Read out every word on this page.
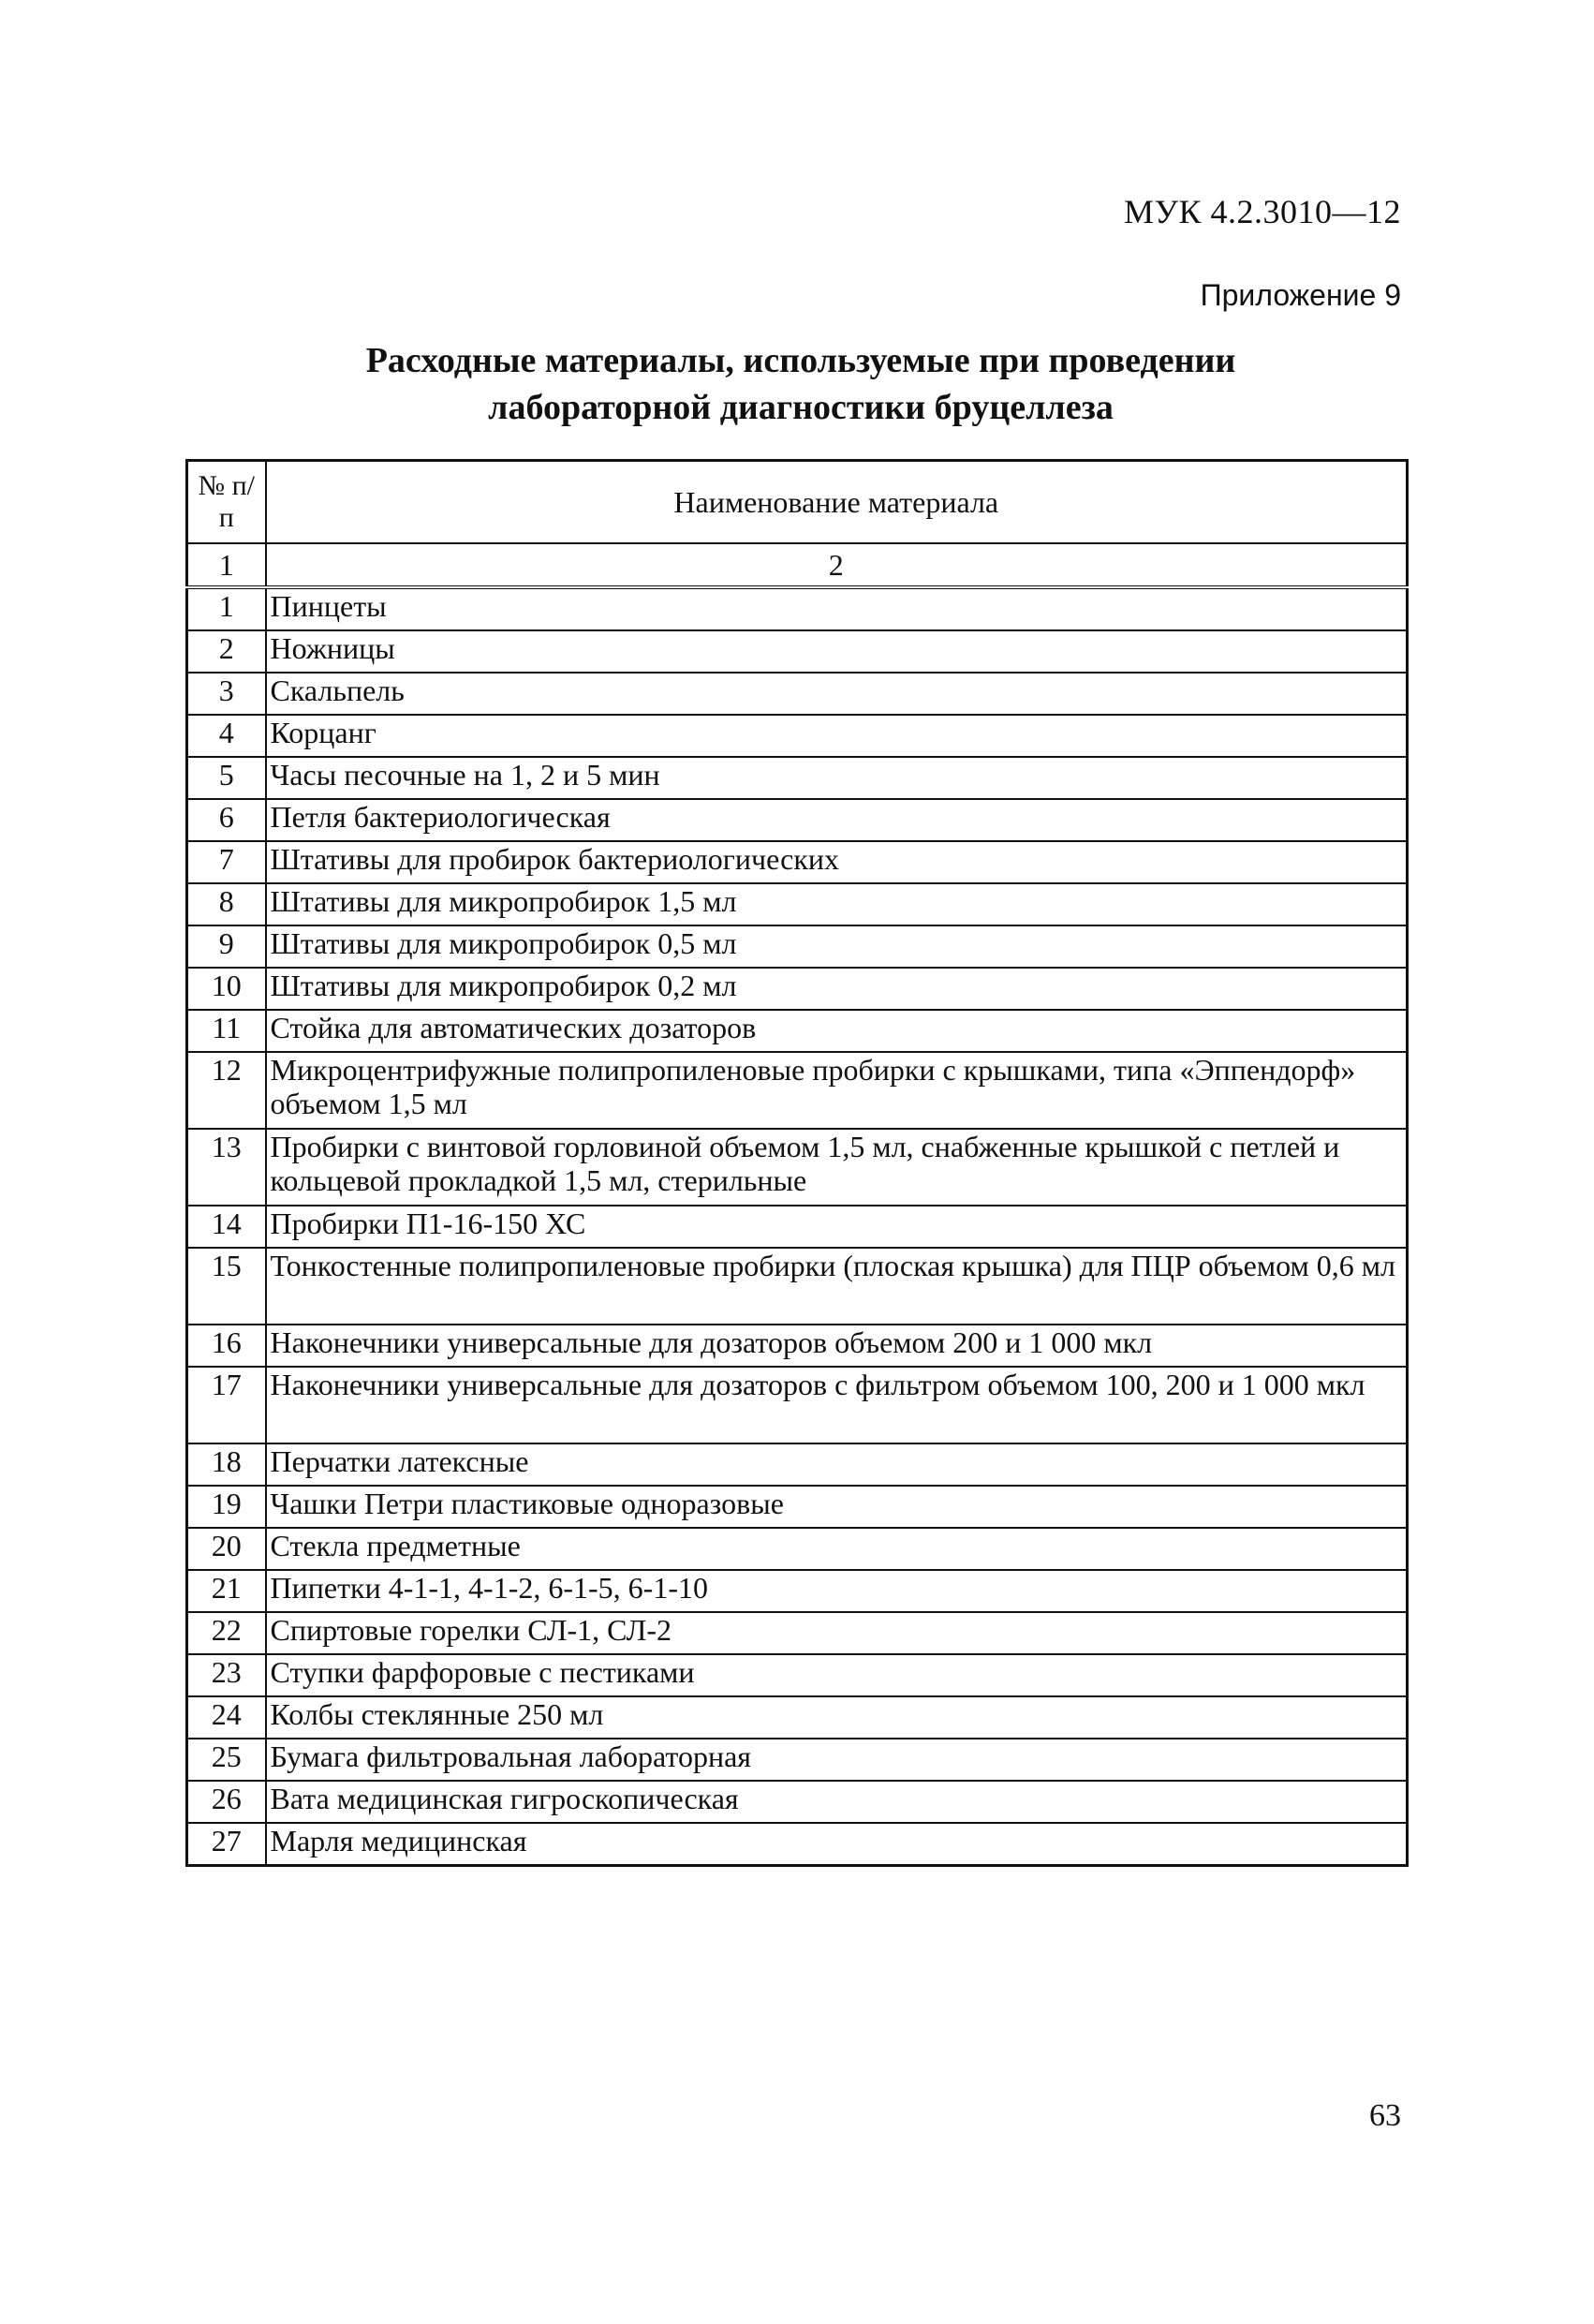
МУК 4.2.3010—12
Приложение 9
Расходные материалы, используемые при проведении
лабораторной диагностики бруцеллеза
№ п/п	Наименование материала
1	2
1	Пинцеты
2	Ножницы
3	Скальпель
4	Корцанг
5	Часы песочные на 1, 2 и 5 мин
6	Петля бактериологическая
7	Штативы для пробирок бактериологических
8	Штативы для микропробирок 1,5 мл
9	Штативы для микропробирок 0,5 мл
10	Штативы для микропробирок 0,2 мл
11	Стойка для автоматических дозаторов
12	Микроцентрифужные полипропиленовые пробирки с крышками, типа «Эппендорф» объемом 1,5 мл
13	Пробирки с винтовой горловиной объемом 1,5 мл, снабженные крышкой с петлей и кольцевой прокладкой 1,5 мл, стерильные
14	Пробирки П1-16-150 ХС
15	Тонкостенные полипропиленовые пробирки (плоская крышка) для ПЦР объемом 0,6 мл
16	Наконечники универсальные для дозаторов объемом 200 и 1 000 мкл
17	Наконечники универсальные для дозаторов с фильтром объемом 100, 200 и 1 000 мкл
18	Перчатки латексные
19	Чашки Петри пластиковые одноразовые
20	Стекла предметные
21	Пипетки 4-1-1, 4-1-2, 6-1-5, 6-1-10
22	Спиртовые горелки СЛ-1, СЛ-2
23	Ступки фарфоровые с пестиками
24	Колбы стеклянные 250 мл
25	Бумага фильтровальная лабораторная
26	Вата медицинская гигроскопическая
27	Марля медицинская
63
